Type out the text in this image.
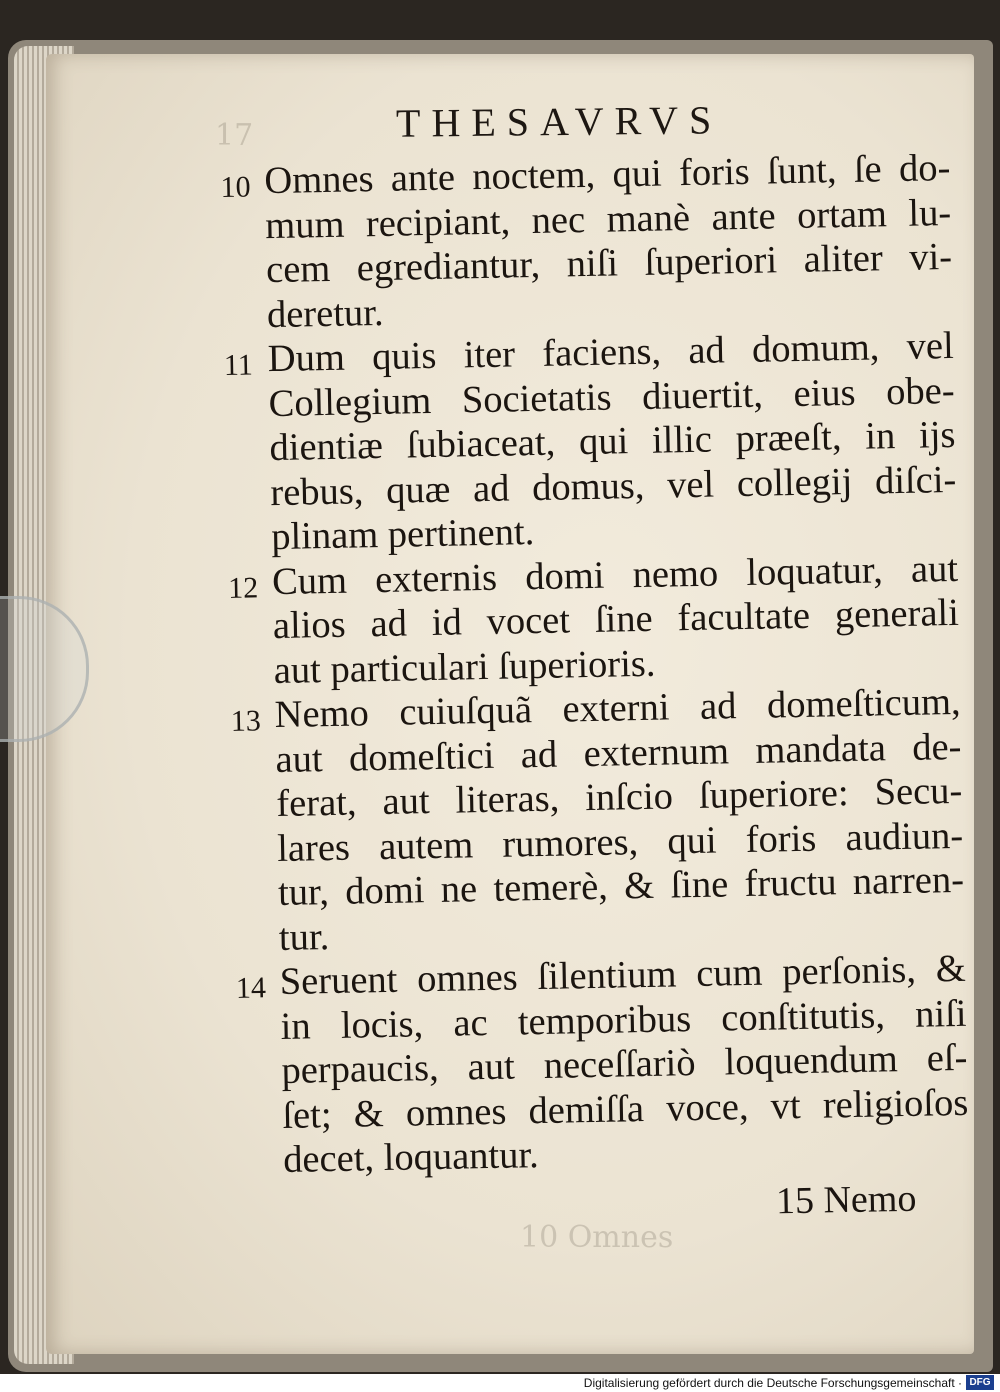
17
10 Omnes
THESAVRVS
10 Omnes ante noctem, qui foris ſunt, ſe do-
mum recipiant, nec manè ante ortam lu-
cem egrediantur, niſi ſuperiori aliter vi-
deretur.
11 Dum quis iter faciens, ad domum, vel
Collegium Societatis diuertit, eius obe-
dientiæ ſubiaceat, qui illic præeſt, in ijs
rebus, quæ ad domus, vel collegij diſci-
plinam pertinent.
12 Cum externis domi nemo loquatur, aut
alios ad id vocet ſine facultate generali
aut particulari ſuperioris.
13 Nemo cuiuſquã externi ad domeſticum,
aut domeſtici ad externum mandata de-
ferat, aut literas, inſcio ſuperiore: Secu-
lares autem rumores, qui foris audiun-
tur, domi ne temerè, & ſine fructu narren-
tur.
14 Seruent omnes ſilentium cum perſonis, &
in locis, ac temporibus conſtitutis, niſi
perpaucis, aut neceſſariò loquendum eſ-
ſet; & omnes demiſſa voce, vt religioſos
decet, loquantur.
15 Nemo
Digitalisierung gefördert durch die Deutsche Forschungsgemeinschaft · DFG
